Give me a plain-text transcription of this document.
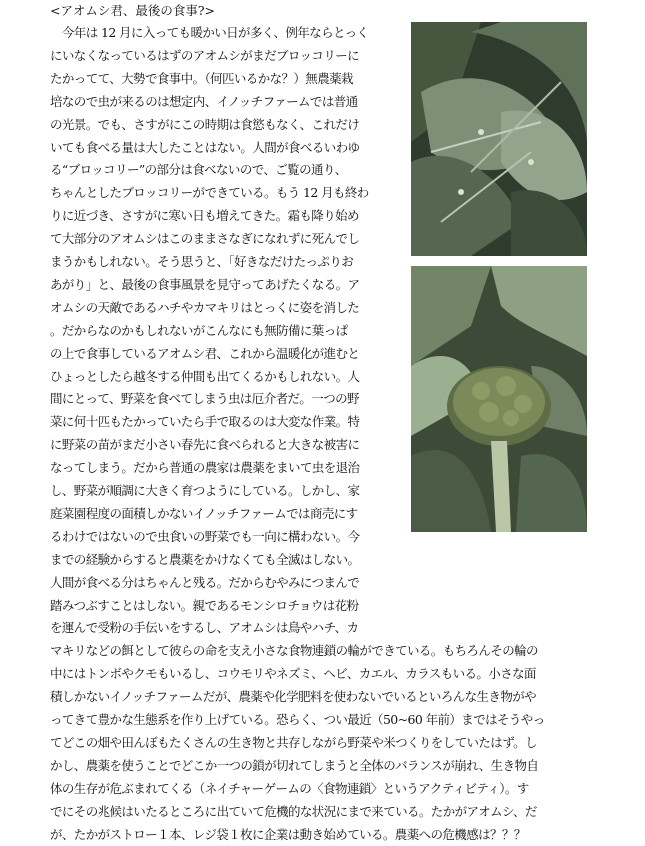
<アオムシ君、最後の食事?>
　今年は 12 月に入っても暖かい日が多く、例年ならとっく
にいなくなっているはずのアオムシがまだブロッコリーに
たかってて、大勢で食事中。（何匹いるかな？）無農薬栽
培なので虫が来るのは想定内、イノッチファームでは普通
の光景。でも、さすがにこの時期は食慾もなく、これだけ
いても食べる量は大したことはない。人間が食べるいわゆ
る“ブロッコリー”の部分は食べないので、ご覧の通り、
ちゃんとしたブロッコリーができている。もう 12 月も終わ
りに近づき、さすがに寒い日も増えてきた。霜も降り始め
て大部分のアオムシはこのままさなぎになれずに死んでし
まうかもしれない。そう思うと、「好きなだけたっぷりお
あがり」と、最後の食事風景を見守ってあげたくなる。ア
オムシの天敵であるハチやカマキリはとっくに姿を消した
。だからなのかもしれないがこんなにも無防備に葉っぱ
の上で食事しているアオムシ君、これから温暖化が進むと
ひょっとしたら越冬する仲間も出てくるかもしれない。人
間にとって、野菜を食べてしまう虫は厄介者だ。一つの野
菜に何十匹もたかっていたら手で取るのは大変な作業。特
に野菜の苗がまだ小さい春先に食べられると大きな被害に
なってしまう。だから普通の農家は農薬をまいて虫を退治
し、野菜が順調に大きく育つようにしている。しかし、家
庭菜園程度の面積しかないイノッチファームでは商売にす
るわけではないので虫食いの野菜でも一向に構わない。今
までの経験からすると農薬をかけなくても全滅はしない。
人間が食べる分はちゃんと残る。だからむやみにつまんで
踏みつぶすことはしない。親であるモンシロチョウは花粉
を運んで受粉の手伝いをするし、アオムシは鳥やハチ、カ
マキリなどの餌として彼らの命を支え小さな食物連鎖の輪ができている。もちろんその輪の
中にはトンボやクモもいるし、コウモリやネズミ、ヘビ、カエル、カラスもいる。小さな面
積しかないイノッチファームだが、農薬や化学肥料を使わないでいるといろんな生き物がや
ってきて豊かな生態系を作り上げている。恐らく、つい最近（50~60 年前）まではそうやっ
てどこの畑や田んぼもたくさんの生き物と共存しながら野菜や米つくりをしていたはず。し
かし、農薬を使うことでどこか一つの鎖が切れてしまうと全体のバランスが崩れ、生き物自
体の生存が危ぶまれてくる（ネイチャーゲームの〈食物連鎖〉というアクティビティ）。す
でにその兆候はいたるところに出ていて危機的な状況にまで来ている。たかがアオムシ、だ
が、たかがストロー１本、レジ袋１枚に企業は動き始めている。農薬への危機感は？？？
